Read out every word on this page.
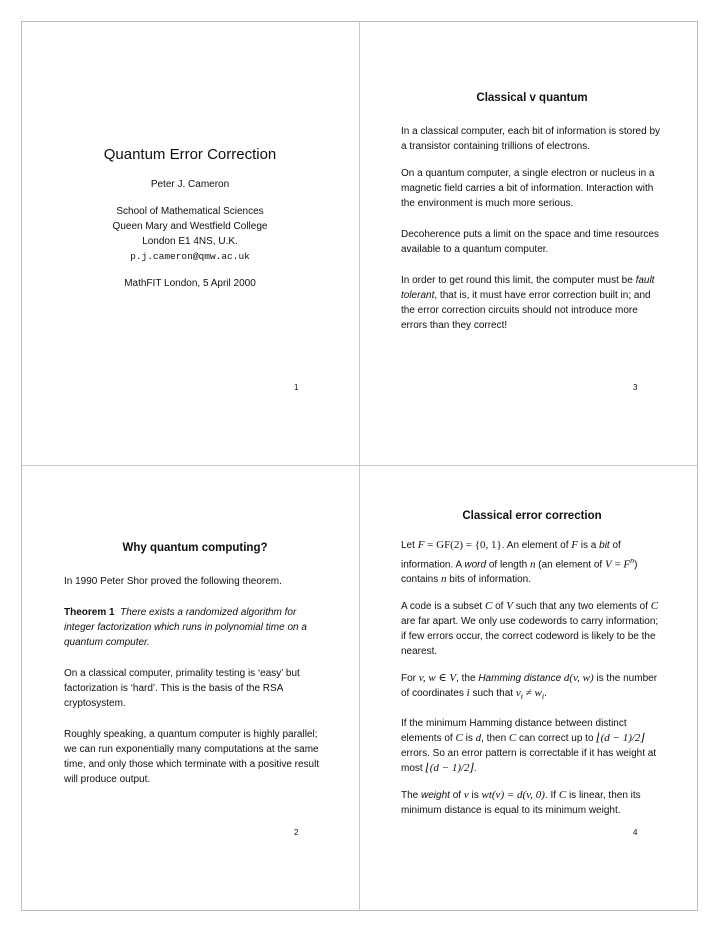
Quantum Error Correction
Peter J. Cameron
School of Mathematical Sciences
Queen Mary and Westfield College
London E1 4NS, U.K.
p.j.cameron@qmw.ac.uk
MathFIT London, 5 April 2000
1
Classical v quantum

In a classical computer, each bit of information is stored by a transistor containing trillions of electrons.

On a quantum computer, a single electron or nucleus in a magnetic field carries a bit of information. Interaction with the environment is much more serious.

Decoherence puts a limit on the space and time resources available to a quantum computer.

In order to get round this limit, the computer must be fault tolerant, that is, it must have error correction built in; and the error correction circuits should not introduce more errors than they correct!

3
Why quantum computing?

In 1990 Peter Shor proved the following theorem.

Theorem 1 There exists a randomized algorithm for integer factorization which runs in polynomial time on a quantum computer.

On a classical computer, primality testing is ‘easy’ but factorization is ‘hard’. This is the basis of the RSA cryptosystem.

Roughly speaking, a quantum computer is highly parallel; we can run exponentially many computations at the same time, and only those which terminate with a positive result will produce output.

2
Classical error correction

Let F = GF(2) = {0, 1}. An element of F is a bit of information. A word of length n (an element of $V = F^n$) contains n bits of information.

A code is a subset C of V such that any two elements of C are far apart. We only use codewords to carry information; if few errors occur, the correct codeword is likely to be the nearest.

For v, w ∈ V, the Hamming distance d(v, w) is the number of coordinates i such that $v_i \ne w_i$.

If the minimum Hamming distance between distinct elements of C is d, then C can correct up to ⌊(d − 1)/2⌋ errors. So an error pattern is correctable if it has weight at most ⌊(d − 1)/2⌋.

The weight of v is wt(v) = d(v, 0). If C is linear, then its minimum distance is equal to its minimum weight.

4
